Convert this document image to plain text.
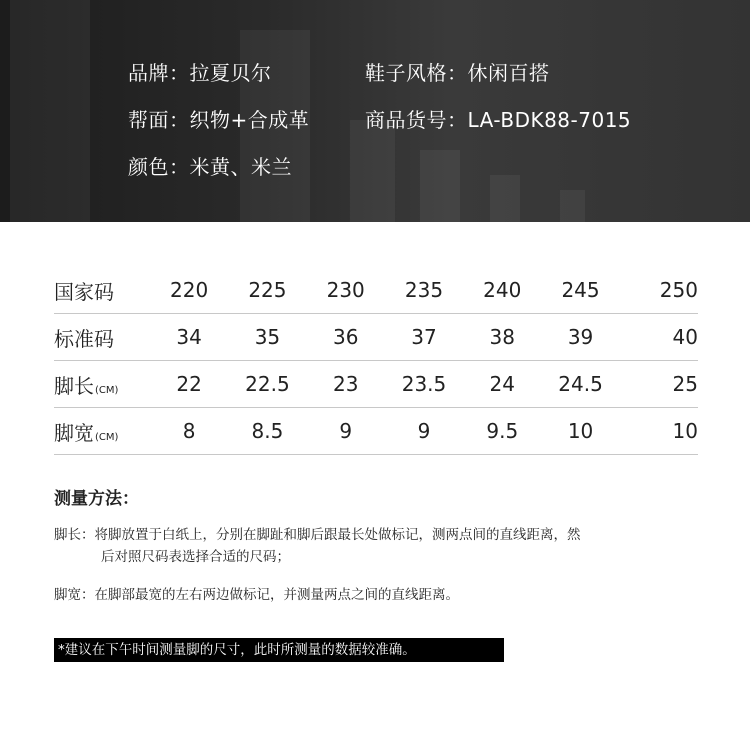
品牌：拉夏贝尔	鞋子风格：休闲百搭
帮面：织物+合成革	商品货号：LA-BDK88-7015
颜色：米黄、米兰
国家码	220	225	230	235	240	245	250
标准码	34	35	36	37	38	39	40
脚长(CM)	22	22.5	23	23.5	24	24.5	25
脚宽(CM)	8	8.5	9	9	9.5	10	10
测量方法：
脚长：将脚放置于白纸上，分别在脚趾和脚后跟最长处做标记，测两点间的直线距离，然
后对照尺码表选择合适的尺码；
脚宽：在脚部最宽的左右两边做标记，并测量两点之间的直线距离。
*建议在下午时间测量脚的尺寸，此时所测量的数据较准确。
